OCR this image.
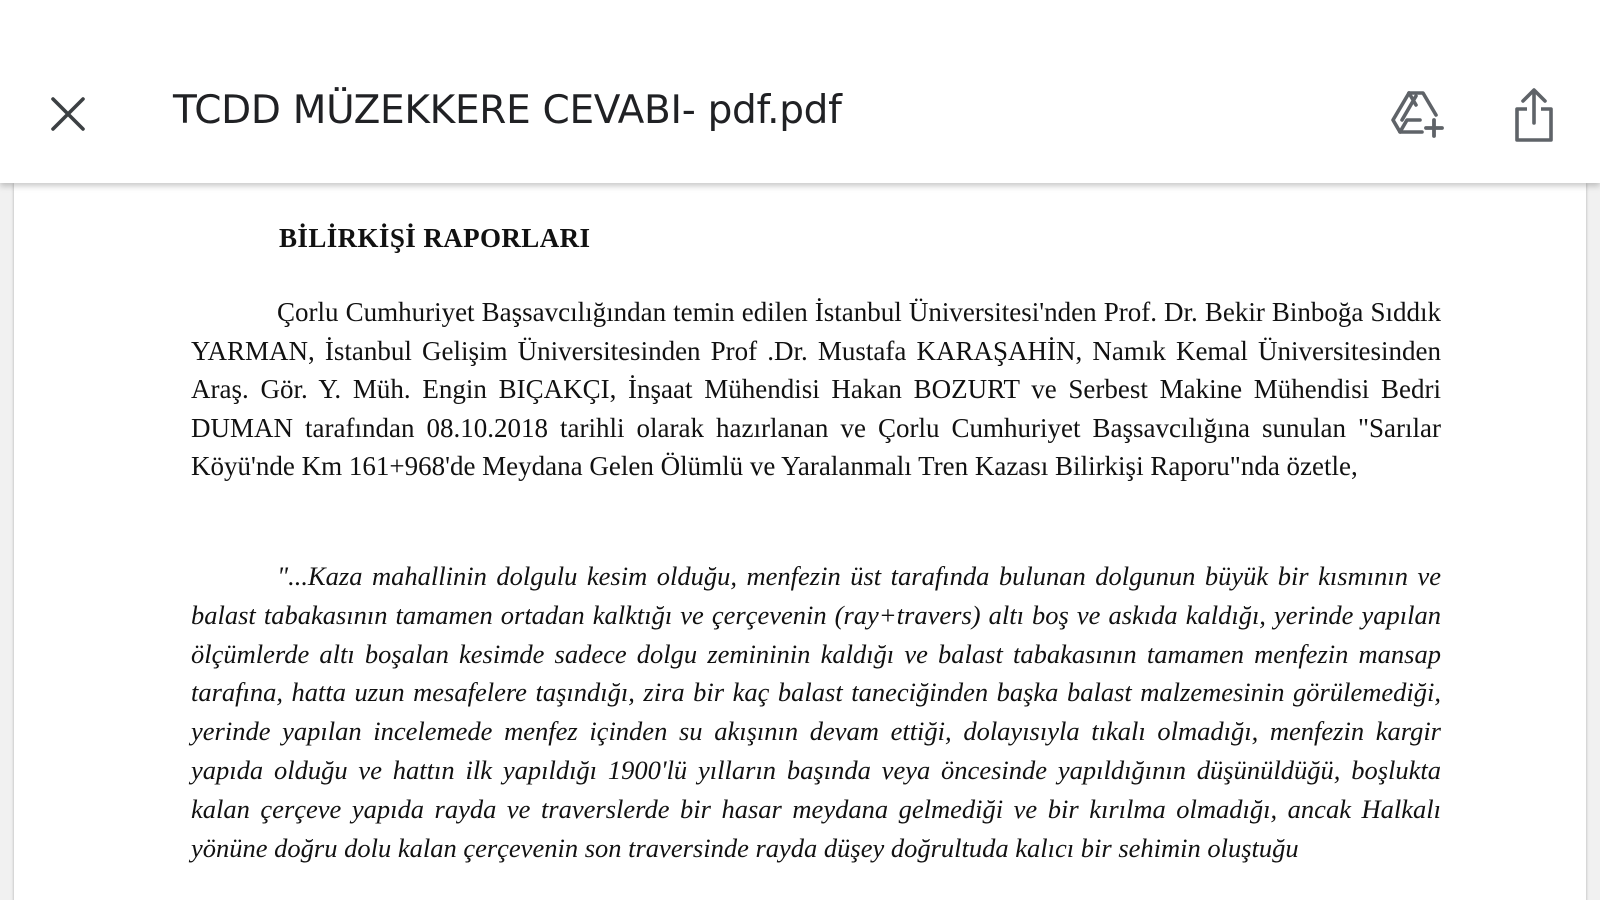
TCDD MÜZEKKERE CEVABI- pdf.pdf
BİLİRKİŞİ RAPORLARI
Çorlu Cumhuriyet Başsavcılığından temin edilen İstanbul Üniversitesi'nden Prof. Dr. Bekir Binboğa Sıddık YARMAN, İstanbul Gelişim Üniversitesinden Prof .Dr. Mustafa KARAŞAHİN, Namık Kemal Üniversitesinden Araş. Gör. Y. Müh. Engin BIÇAKÇI, İnşaat Mühendisi Hakan BOZURT ve Serbest Makine Mühendisi Bedri DUMAN tarafından 08.10.2018 tarihli olarak hazırlanan ve Çorlu Cumhuriyet Başsavcılığına sunulan "Sarılar Köyü'nde Km 161+968'de Meydana Gelen Ölümlü ve Yaralanmalı Tren Kazası Bilirkişi Raporu"nda özetle,
"...Kaza mahallinin dolgulu kesim olduğu, menfezin üst tarafında bulunan dolgunun büyük bir kısmının ve balast tabakasının tamamen ortadan kalktığı ve çerçevenin (ray+travers) altı boş ve askıda kaldığı, yerinde yapılan ölçümlerde altı boşalan kesimde sadece dolgu zemininin kaldığı ve balast tabakasının tamamen menfezin mansap tarafına, hatta uzun mesafelere taşındığı, zira bir kaç balast taneciğinden başka balast malzemesinin görülemediği, yerinde yapılan incelemede menfez içinden su akışının devam ettiği, dolayısıyla tıkalı olmadığı, menfezin kargir yapıda olduğu ve hattın ilk yapıldığı 1900'lü yılların başında veya öncesinde yapıldığının düşünüldüğü, boşlukta kalan çerçeve yapıda rayda ve traverslerde bir hasar meydana gelmediği ve bir kırılma olmadığı, ancak Halkalı yönüne doğru dolu kalan çerçevenin son traversinde rayda düşey doğrultuda kalıcı bir sehimin oluştuğu
